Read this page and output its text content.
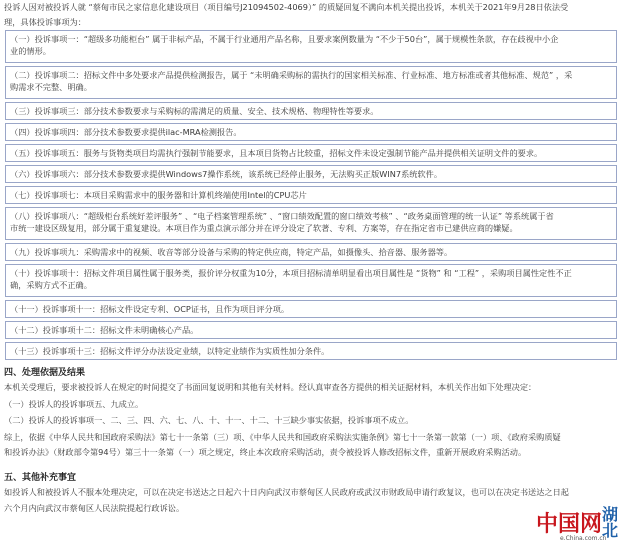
投诉人因对被投诉人就 “蔡甸市民之家信息化建设项目（项目编号J21094502-4069）” 的质疑回复不满向本机关提出投诉，本机关于2021年9月28日依法受
理，具体投诉事项为：
（一）投诉事项一：“超级多功能柜台” 属于非标产品，不属于行业通用产品名称，且要求案例数量为 “不少于50台”，属于规模性条款，存在歧视中小企
业的情形。
（二）投诉事项二：招标文件中多处要求产品提供检测报告，属于 “未明确采购标的需执行的国家相关标准、行业标准、地方标准或者其他标准、规范” ，采
购需求不完整、明确。
（三）投诉事项三：部分技术参数要求与采购标的需满足的质量、安全、技术规格、物理特性等要求。
（四）投诉事项四：部分技术参数要求提供ilac-MRA检测报告。
（五）投诉事项五：服务与货物类项目均需执行强制节能要求，且本项目货物占比较重，招标文件未设定强制节能产品并提供相关证明文件的要求。
（六）投诉事项六：部分技术参数要求提供Windows7操作系统，该系统已经停止服务，无法购买正版WIN7系统软件。
（七）投诉事项七：本项目采购需求中的服务器和计算机终端使用Intel的CPU芯片
（八）投诉事项八：“超级柜台系统好差评服务” 、“电子档案管理系统” 、“窗口绩效配置的窗口绩效考核” 、“政务桌面管理的统一认证” 等系统属于省
市统一建设区级复用，部分属于重复建设。本项目作为重点演示部分并在评分设定了软著、专利、方案等，存在指定省市已建供应商的嫌疑。
（九）投诉事项九：采购需求中的视频、收音等部分设备与采购的特定供应商，特定产品，如摄像头、拾音器、服务器等。
（十）投诉事项十：招标文件项目属性属于服务类，报价评分权重为10分，本项目招标清单明显看出项目属性是 “货物” 和 “工程” ，采购项目属性定性不正
确，采购方式不正确。
（十一）投诉事项十一：招标文件设定专利、OCP证书，且作为项目评分项。
（十二）投诉事项十二：招标文件未明确核心产品。
（十三）投诉事项十三：招标文件评分办法设定业绩，以特定业绩作为实质性加分条件。
四、处理依据及结果
本机关受理后，要求被投诉人在规定的时间提交了书面回复说明和其他有关材料。经认真审查各方提供的相关证据材料，本机关作出如下处理决定：
（一）投诉人的投诉事项五、九成立。
（二）投诉人的投诉事项一、二、三、四、六、七、八、十、十一、十二、十三缺少事实依据，投诉事项不成立。
综上，依据《中华人民共和国政府采购法》第七十一条第（三）项、《中华人民共和国政府采购法实施条例》第七十一条第一款第（一）项、《政府采购质疑
和投诉办法》（财政部令第94号）第三十一条第（一）项之规定，终止本次政府采购活动，责令被投诉人修改招标文件，重新开展政府采购活动。
五、其他补充事宜
如投诉人和被投诉人不服本处理决定，可以在决定书送达之日起六十日内向武汉市蔡甸区人民政府或武汉市财政局申请行政复议，也可以在决定书送达之日起
六个月内向武汉市蔡甸区人民法院提起行政诉讼。
中国网 湖北
e.China.com.cn
